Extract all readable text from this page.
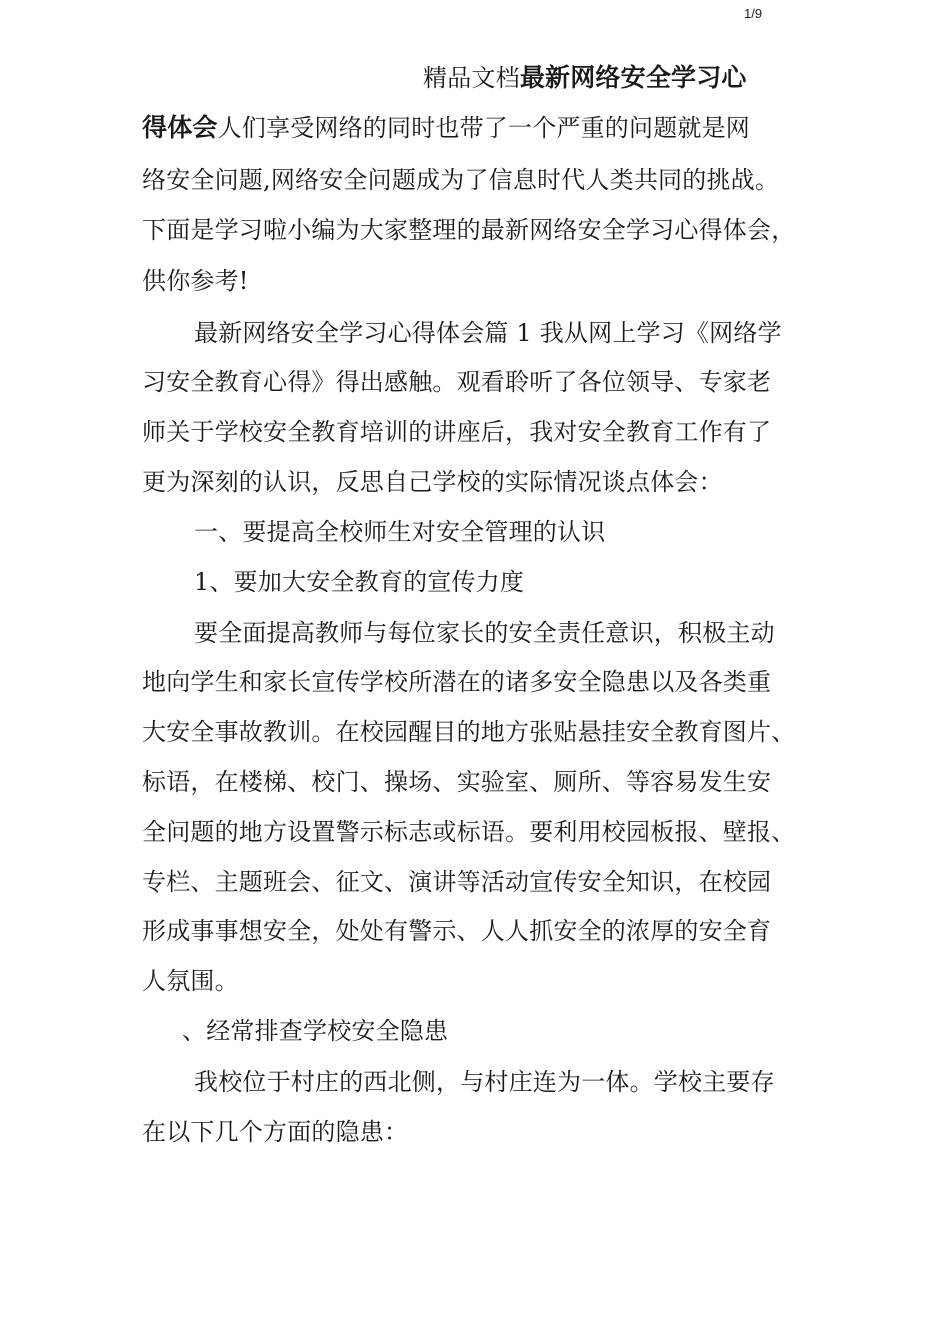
1/9
精品文档最新网络安全学习心
得体会人们享受网络的同时也带了一个严重的问题就是网
络安全问题,网络安全问题成为了信息时代人类共同的挑战。
下面是学习啦小编为大家整理的最新网络安全学习心得体会，
供你参考!
最新网络安全学习心得体会篇 1 我从网上学习《网络学
习安全教育心得》得出感触。观看聆听了各位领导、专家老
师关于学校安全教育培训的讲座后，我对安全教育工作有了
更为深刻的认识，反思自己学校的实际情况谈点体会：
一、要提高全校师生对安全管理的认识
1、要加大安全教育的宣传力度
要全面提高教师与每位家长的安全责任意识，积极主动
地向学生和家长宣传学校所潜在的诸多安全隐患以及各类重
大安全事故教训。在校园醒目的地方张贴悬挂安全教育图片、
标语，在楼梯、校门、操场、实验室、厕所、等容易发生安
全问题的地方设置警示标志或标语。要利用校园板报、壁报、
专栏、主题班会、征文、演讲等活动宣传安全知识，在校园
形成事事想安全，处处有警示、人人抓安全的浓厚的安全育
人氛围。
、经常排查学校安全隐患
我校位于村庄的西北侧，与村庄连为一体。学校主要存
在以下几个方面的隐患：
